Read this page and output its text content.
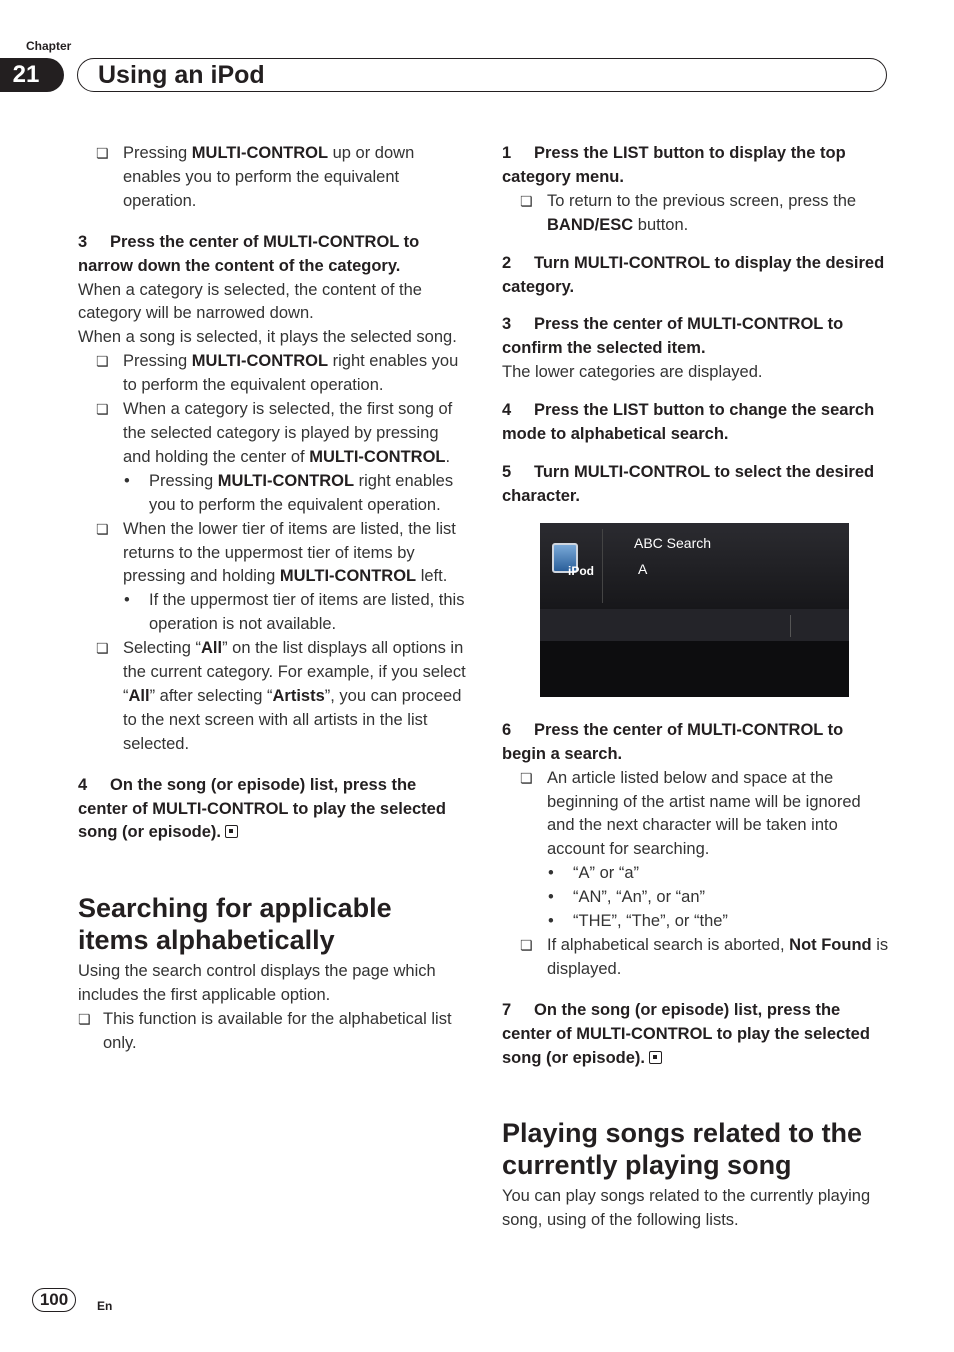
Chapter
21	Using an iPod

❏ Pressing MULTI-CONTROL up or down enables you to perform the equivalent operation.

3 Press the center of MULTI-CONTROL to narrow down the content of the category.

When a category is selected, the content of the category will be narrowed down.

When a song is selected, it plays the selected song.

❏ Pressing MULTI-CONTROL right enables you to perform the equivalent operation.

❏ When a category is selected, the first song of the selected category is played by pressing and holding the center of MULTI-CONTROL.

• Pressing MULTI-CONTROL right enables you to perform the equivalent operation.

❏ When the lower tier of items are listed, the list returns to the uppermost tier of items by pressing and holding MULTI-CONTROL left.

• If the uppermost tier of items are listed, this operation is not available.

❏ Selecting “All” on the list displays all options in the current category. For example, if you select “All” after selecting “Artists”, you can proceed to the next screen with all artists in the list selected.

4 On the song (or episode) list, press the center of MULTI-CONTROL to play the selected song (or episode).

Searching for applicable items alphabetically

Using the search control displays the page which includes the first applicable option.

❏ This function is available for the alphabetical list only.

1 Press the LIST button to display the top category menu.

❏ To return to the previous screen, press the BAND/ESC button.

2 Turn MULTI-CONTROL to display the desired category.

3 Press the center of MULTI-CONTROL to confirm the selected item.

The lower categories are displayed.

4 Press the LIST button to change the search mode to alphabetical search.

5 Turn MULTI-CONTROL to select the desired character.

iPod
ABC Search
A

6 Press the center of MULTI-CONTROL to begin a search.

❏ An article listed below and space at the beginning of the artist name will be ignored and the next character will be taken into account for searching.

• “A” or “a”

• “AN”, “An”, or “an”

• “THE”, “The”, or “the”

❏ If alphabetical search is aborted, Not Found is displayed.

7 On the song (or episode) list, press the center of MULTI-CONTROL to play the selected song (or episode).

Playing songs related to the currently playing song

You can play songs related to the currently playing song, using of the following lists.

100	En
